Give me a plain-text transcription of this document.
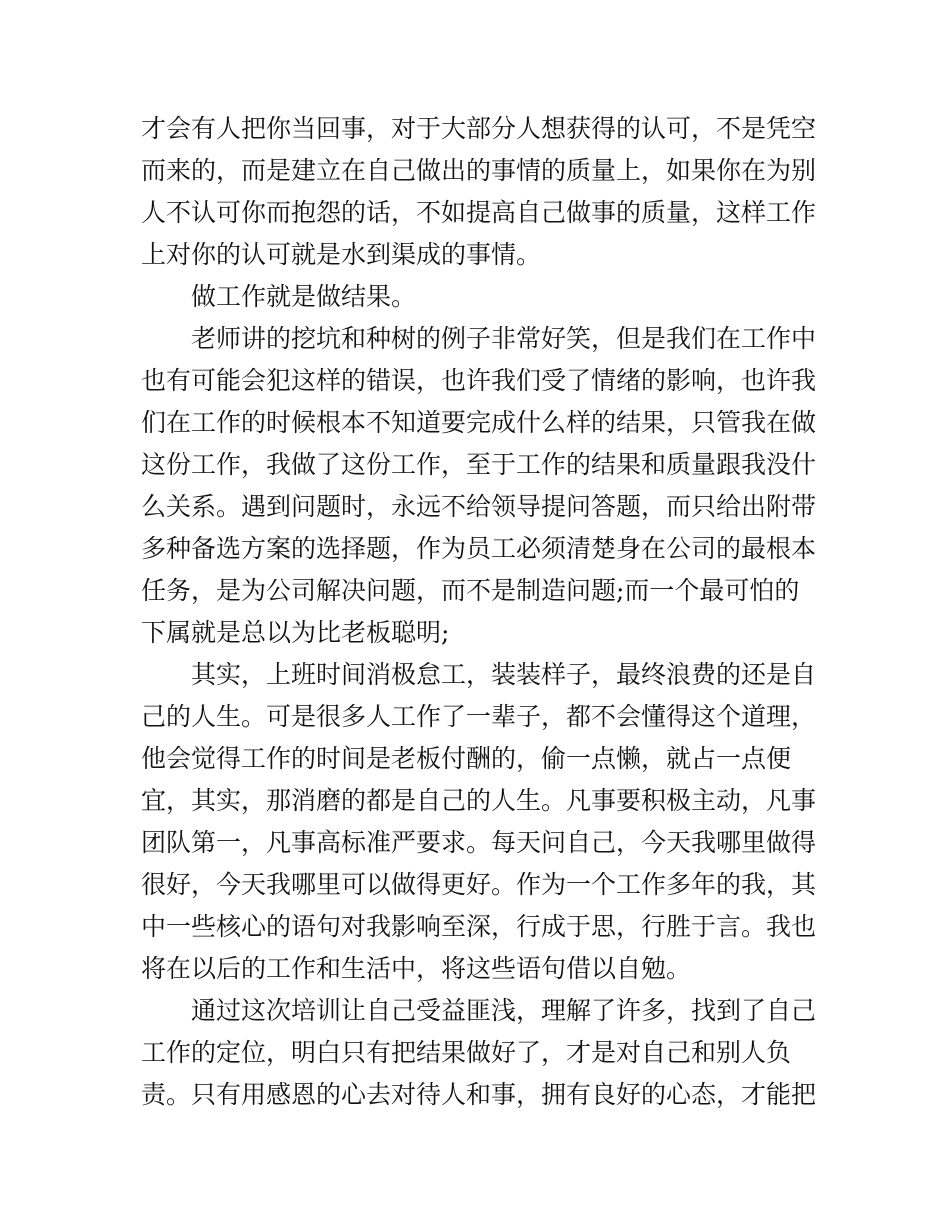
才会有人把你当回事，对于大部分人想获得的认可，不是凭空
而来的，而是建立在自己做出的事情的质量上，如果你在为别
人不认可你而抱怨的话，不如提高自己做事的质量，这样工作
上对你的认可就是水到渠成的事情。
做工作就是做结果。
老师讲的挖坑和种树的例子非常好笑，但是我们在工作中
也有可能会犯这样的错误，也许我们受了情绪的影响，也许我
们在工作的时候根本不知道要完成什么样的结果，只管我在做
这份工作，我做了这份工作，至于工作的结果和质量跟我没什
么关系。遇到问题时，永远不给领导提问答题，而只给出附带
多种备选方案的选择题，作为员工必须清楚身在公司的最根本
任务，是为公司解决问题，而不是制造问题;而一个最可怕的
下属就是总以为比老板聪明;
其实，上班时间消极怠工，装装样子，最终浪费的还是自
己的人生。可是很多人工作了一辈子，都不会懂得这个道理，
他会觉得工作的时间是老板付酬的，偷一点懒，就占一点便
宜，其实，那消磨的都是自己的人生。凡事要积极主动，凡事
团队第一，凡事高标准严要求。每天问自己，今天我哪里做得
很好，今天我哪里可以做得更好。作为一个工作多年的我，其
中一些核心的语句对我影响至深，行成于思，行胜于言。我也
将在以后的工作和生活中，将这些语句借以自勉。
通过这次培训让自己受益匪浅，理解了许多，找到了自己
工作的定位，明白只有把结果做好了，才是对自己和别人负
责。只有用感恩的心去对待人和事，拥有良好的心态，才能把
